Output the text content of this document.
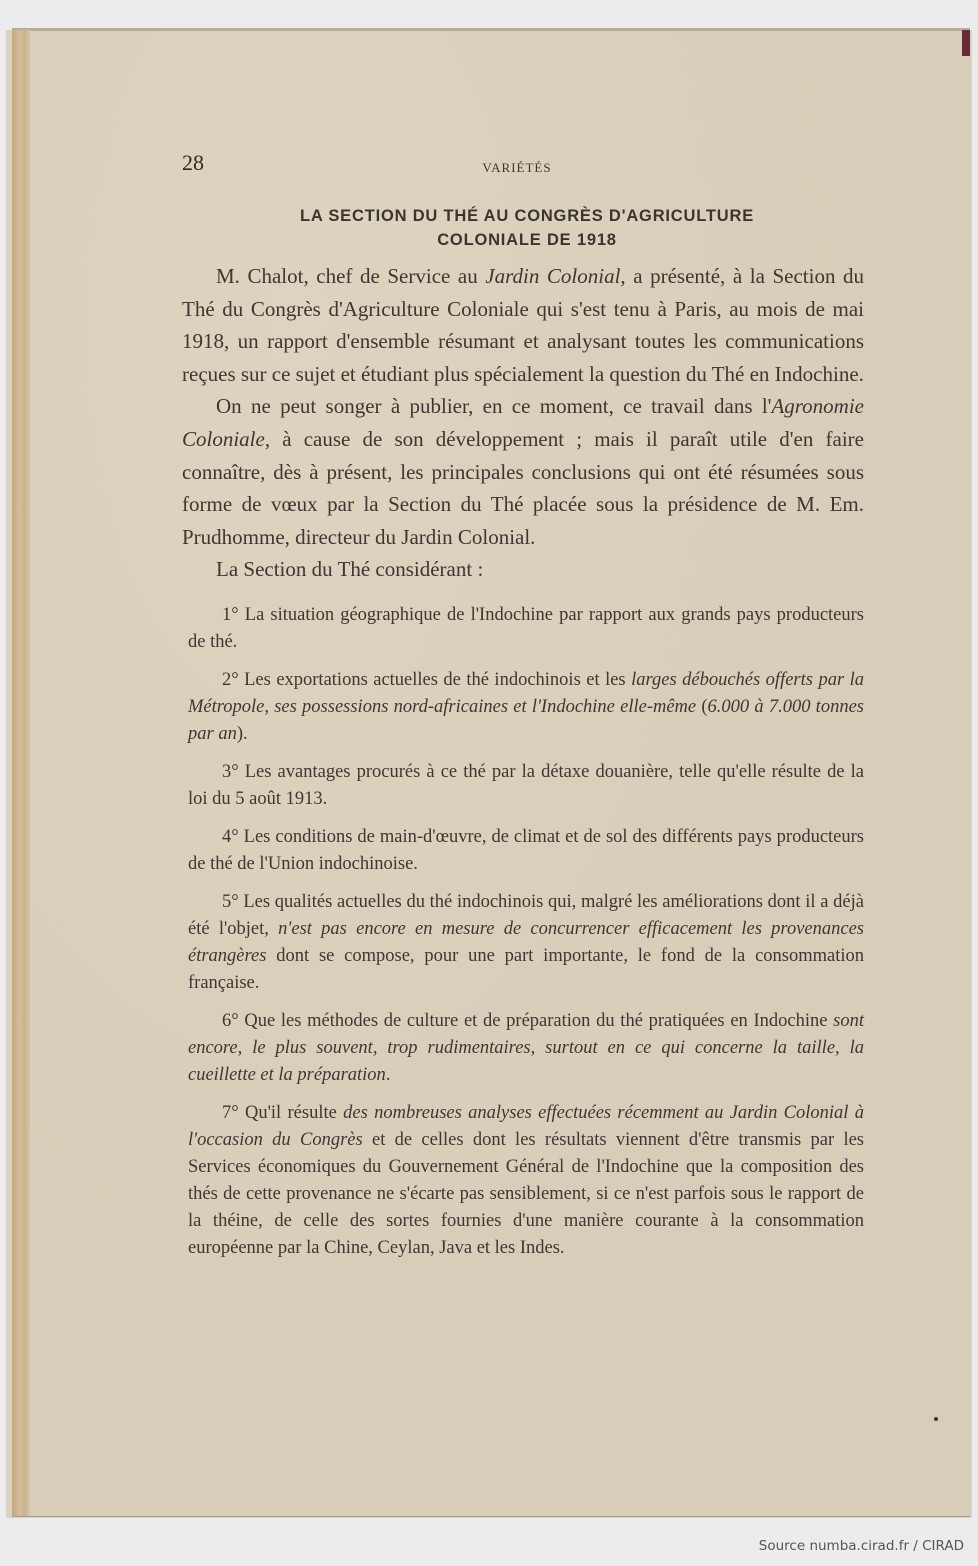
28	VARIÉTÉS
LA SECTION DU THÉ AU CONGRÈS D'AGRICULTURE
COLONIALE DE 1918

M. Chalot, chef de Service au Jardin Colonial, a présenté, à la Section du Thé du Congrès d'Agriculture Coloniale qui s'est tenu à Paris, au mois de mai 1918, un rapport d'ensemble résumant et analysant toutes les communications reçues sur ce sujet et étudiant plus spécialement la question du Thé en Indochine.

On ne peut songer à publier, en ce moment, ce travail dans l'Agronomie Coloniale, à cause de son développement ; mais il paraît utile d'en faire connaître, dès à présent, les principales conclusions qui ont été résumées sous forme de vœux par la Section du Thé placée sous la présidence de M. Em. Prudhomme, directeur du Jardin Colonial.

La Section du Thé considérant :

1° La situation géographique de l'Indochine par rapport aux grands pays producteurs de thé.

2° Les exportations actuelles de thé indochinois et les larges débouchés offerts par la Métropole, ses possessions nord-africaines et l'Indochine elle-même (6.000 à 7.000 tonnes par an).

3° Les avantages procurés à ce thé par la détaxe douanière, telle qu'elle résulte de la loi du 5 août 1913.

4° Les conditions de main-d'œuvre, de climat et de sol des différents pays producteurs de thé de l'Union indochinoise.

5° Les qualités actuelles du thé indochinois qui, malgré les améliorations dont il a déjà été l'objet, n'est pas encore en mesure de concurrencer efficacement les provenances étrangères dont se compose, pour une part importante, le fond de la consommation française.

6° Que les méthodes de culture et de préparation du thé pratiquées en Indochine sont encore, le plus souvent, trop rudimentaires, surtout en ce qui concerne la taille, la cueillette et la préparation.

7° Qu'il résulte des nombreuses analyses effectuées récemment au Jardin Colonial à l'occasion du Congrès et de celles dont les résultats viennent d'être transmis par les Services économiques du Gouvernement Général de l'Indochine que la composition des thés de cette provenance ne s'écarte pas sensiblement, si ce n'est parfois sous le rapport de la théine, de celle des sortes fournies d'une manière courante à la consommation européenne par la Chine, Ceylan, Java et les Indes.

Source numba.cirad.fr / CIRAD
